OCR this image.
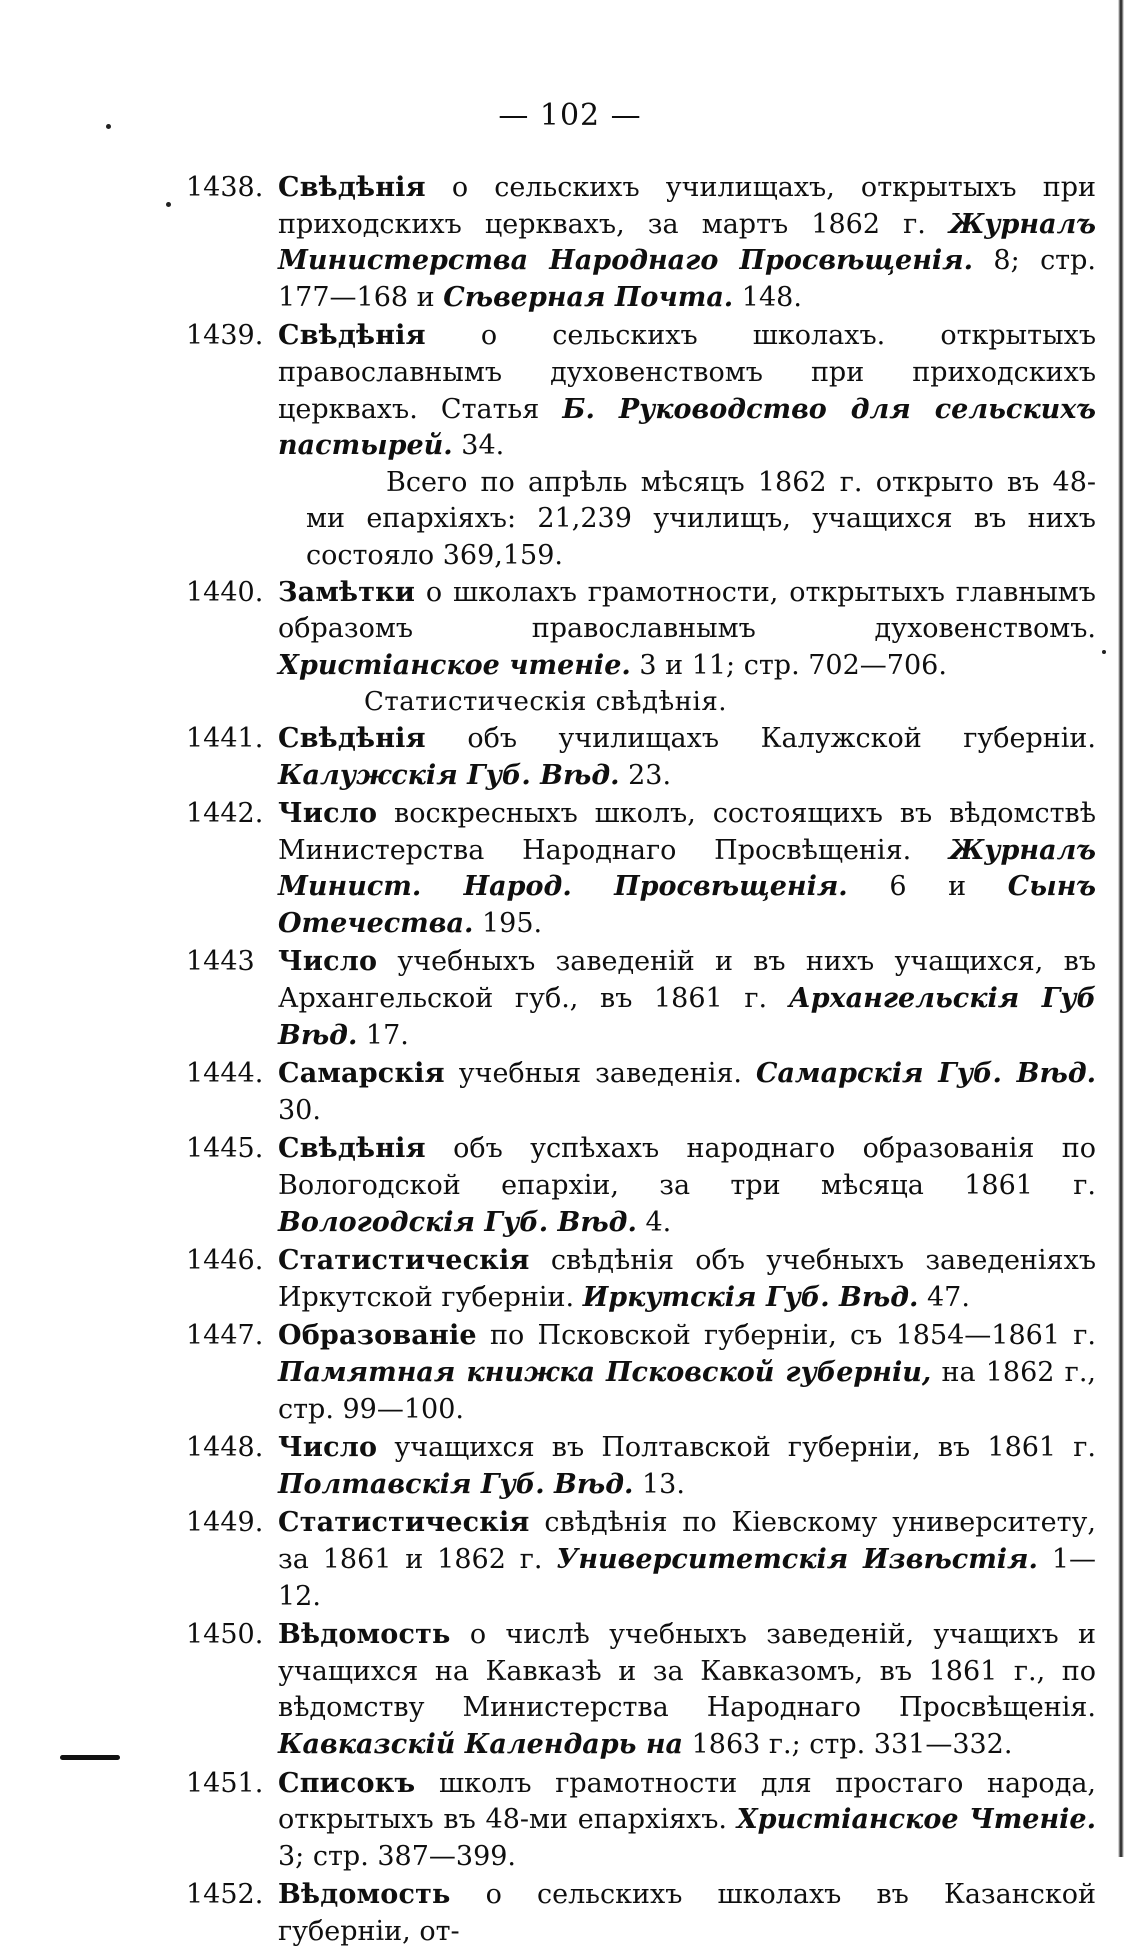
— 102 —
1438. Свѣдѣнія о сельскихъ училищахъ, открытыхъ при приходскихъ церквахъ, за мартъ 1862 г. Журналъ Министерства Народнаго Просвѣщенія. 8; стр. 177—168 и Сѣверная Почта. 148.
1439. Свѣдѣнія о сельскихъ школахъ. открытыхъ православнымъ духовенствомъ при приходскихъ церквахъ. Статья Б. Руководство для сельскихъ пастырей. 34.
Всего по апрѣль мѣсяцъ 1862 г. открыто въ 48-ми епархіяхъ: 21,239 училищъ, учащихся въ нихъ состояло 369,159.
1440. Замѣтки о школахъ грамотности, открытыхъ главнымъ образомъ православнымъ духовенствомъ. Христіанское чтеніе. 3 и 11; стр. 702—706.
Статистическія свѣдѣнія.
1441. Свѣдѣнія объ училищахъ Калужской губерніи. Калужскія Губ. Вѣд. 23.
1442. Число воскресныхъ школъ, состоящихъ въ вѣдомствѣ Министерства Народнаго Просвѣщенія. Журналъ Минист. Народ. Просвѣщенія. 6 и Сынъ Отечества. 195.
1443 Число учебныхъ заведеній и въ нихъ учащихся, въ Архангельской губ., въ 1861 г. Архангельскія Губ Вѣд. 17.
1444. Самарскія учебныя заведенія. Самарскія Губ. Вѣд. 30.
1445. Свѣдѣнія объ успѣхахъ народнаго образованія по Вологодской епархіи, за три мѣсяца 1861 г. Вологодскія Губ. Вѣд. 4.
1446. Статистическія свѣдѣнія объ учебныхъ заведеніяхъ Иркутской губерніи. Иркутскія Губ. Вѣд. 47.
1447. Образованіе по Псковской губерніи, съ 1854—1861 г. Памятная книжка Псковской губерніи, на 1862 г., стр. 99—100.
1448. Число учащихся въ Полтавской губерніи, въ 1861 г. Полтавскія Губ. Вѣд. 13.
1449. Статистическія свѣдѣнія по Кіевскому университету, за 1861 и 1862 г. Университетскія Извѣстія. 1—12.
1450. Вѣдомость о числѣ учебныхъ заведеній, учащихъ и учащихся на Кавказѣ и за Кавказомъ, въ 1861 г., по вѣдомству Министерства Народнаго Просвѣщенія. Кавказскій Календарь на 1863 г.; стр. 331—332.
1451. Списокъ школъ грамотности для простаго народа, открытыхъ въ 48-ми епархіяхъ. Христіанское Чтеніе. 3; стр. 387—399.
1452. Вѣдомость о сельскихъ школахъ въ Казанской губерніи, от-
